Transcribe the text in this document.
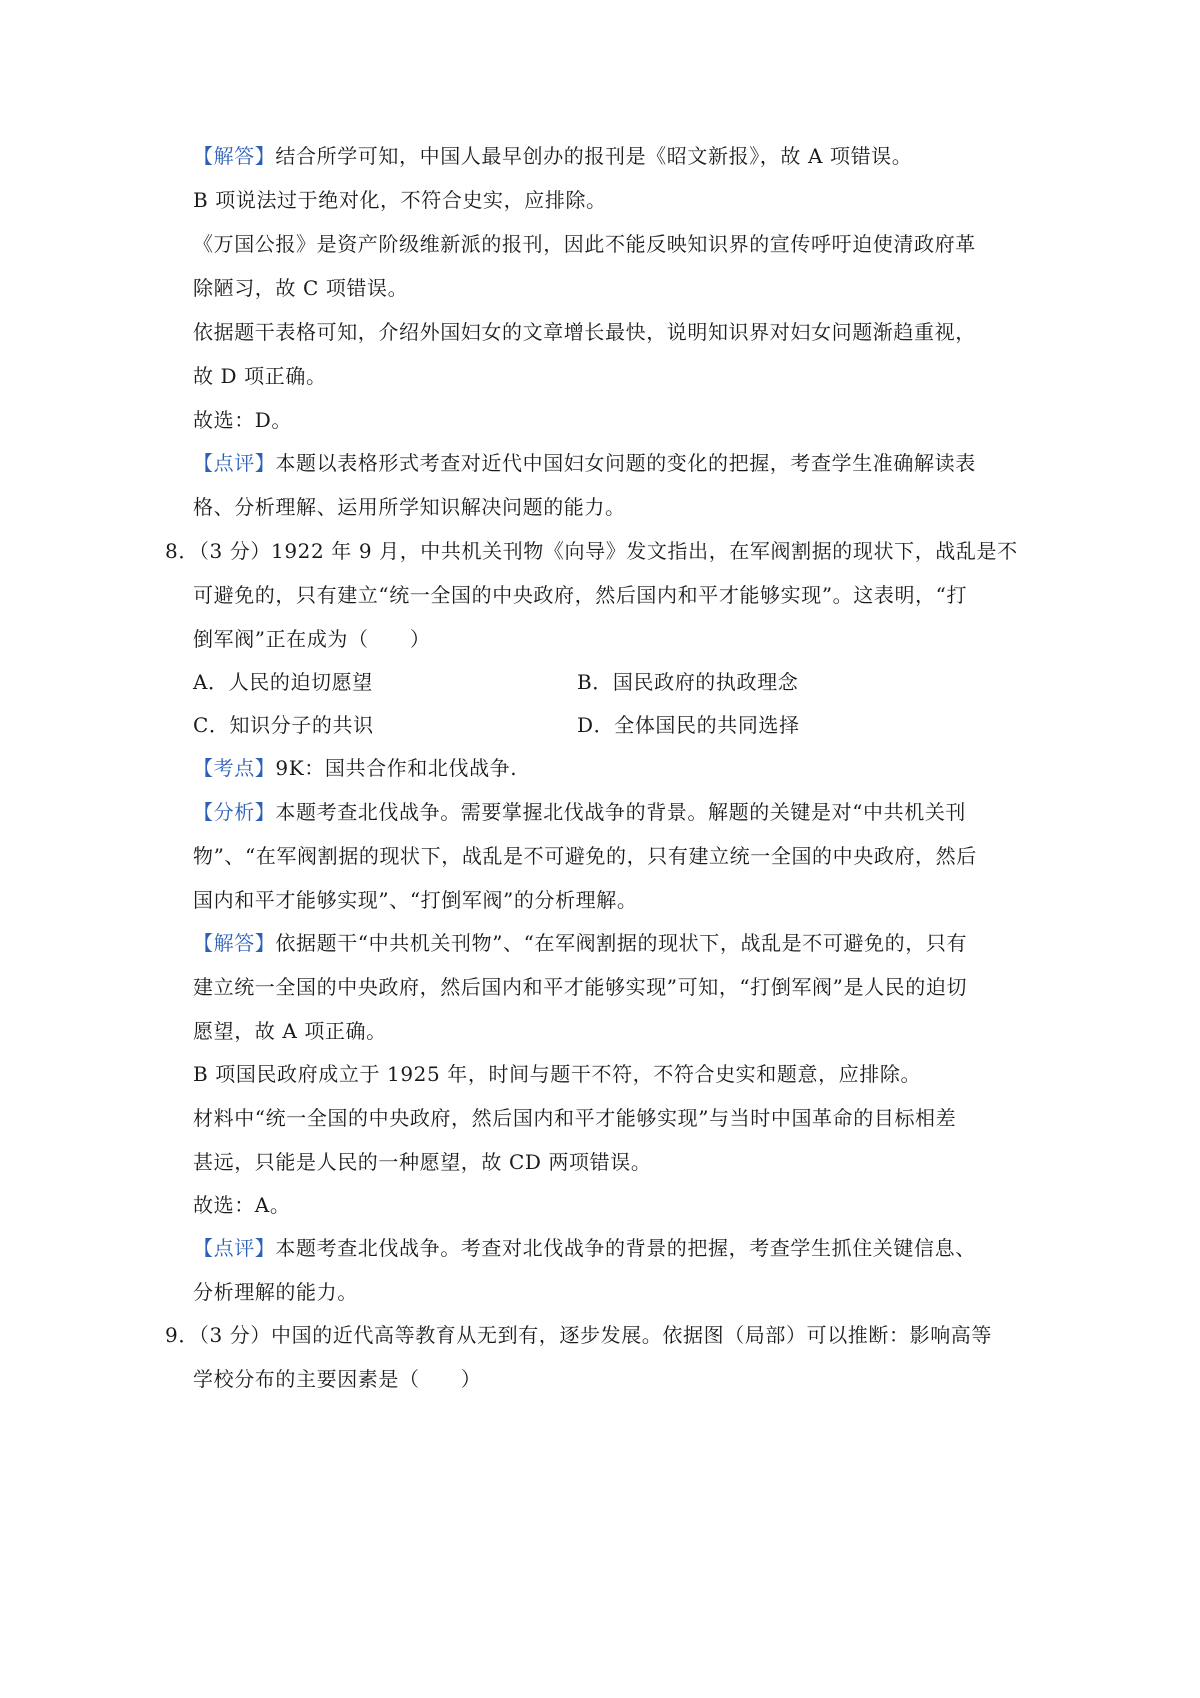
【解答】结合所学可知，中国人最早创办的报刊是《昭文新报》，故 A 项错误。
B 项说法过于绝对化，不符合史实，应排除。
《万国公报》是资产阶级维新派的报刊，因此不能反映知识界的宣传呼吁迫使清政府革
除陋习，故 C 项错误。
依据题干表格可知，介绍外国妇女的文章增长最快，说明知识界对妇女问题渐趋重视，
故 D 项正确。
故选：D。
【点评】本题以表格形式考查对近代中国妇女问题的变化的把握，考查学生准确解读表
格、分析理解、运用所学知识解决问题的能力。
8．（3 分）1922 年 9 月，中共机关刊物《向导》发文指出，在军阀割据的现状下，战乱是不
可避免的，只有建立“统一全国的中央政府，然后国内和平才能够实现”。这表明，“打
倒军阀”正在成为（　　）
A．人民的迫切愿望	B．国民政府的执政理念
C．知识分子的共识	D．全体国民的共同选择
【考点】9K：国共合作和北伐战争.
【分析】本题考查北伐战争。需要掌握北伐战争的背景。解题的关键是对“中共机关刊
物”、“在军阀割据的现状下，战乱是不可避免的，只有建立统一全国的中央政府，然后
国内和平才能够实现”、“打倒军阀”的分析理解。
【解答】依据题干“中共机关刊物”、“在军阀割据的现状下，战乱是不可避免的，只有
建立统一全国的中央政府，然后国内和平才能够实现”可知，“打倒军阀”是人民的迫切
愿望，故 A 项正确。
B 项国民政府成立于 1925 年，时间与题干不符，不符合史实和题意，应排除。
材料中“统一全国的中央政府，然后国内和平才能够实现”与当时中国革命的目标相差
甚远，只能是人民的一种愿望，故 CD 两项错误。
故选：A。
【点评】本题考查北伐战争。考查对北伐战争的背景的把握，考查学生抓住关键信息、
分析理解的能力。
9．（3 分）中国的近代高等教育从无到有，逐步发展。依据图（局部）可以推断：影响高等
学校分布的主要因素是（　　）
